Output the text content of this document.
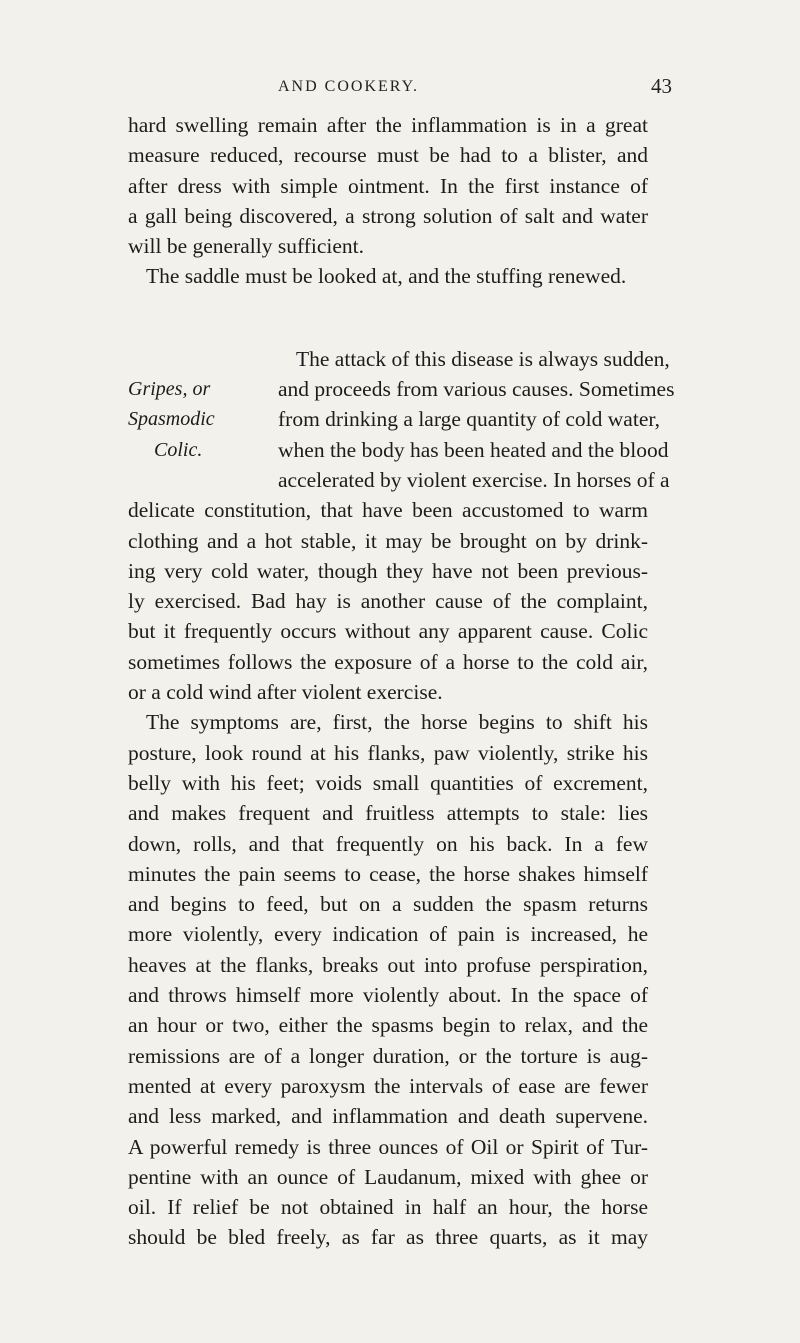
AND COOKERY.	43
hard swelling remain after the inflammation is in a great
measure reduced, recourse must be had to a blister, and
after dress with simple ointment. In the first instance of
a gall being discovered, a strong solution of salt and water
will be generally sufficient.
The saddle must be looked at, and the stuffing renewed.
Gripes, or
Spasmodic
Colic.
The attack of this disease is always sudden,
and proceeds from various causes. Sometimes
from drinking a large quantity of cold water,
when the body has been heated and the blood
accelerated by violent exercise. In horses of a
delicate constitution, that have been accustomed to warm
clothing and a hot stable, it may be brought on by drink-
ing very cold water, though they have not been previous-
ly exercised. Bad hay is another cause of the complaint,
but it frequently occurs without any apparent cause. Colic
sometimes follows the exposure of a horse to the cold air,
or a cold wind after violent exercise.
The symptoms are, first, the horse begins to shift his
posture, look round at his flanks, paw violently, strike his
belly with his feet; voids small quantities of excrement,
and makes frequent and fruitless attempts to stale: lies
down, rolls, and that frequently on his back. In a few
minutes the pain seems to cease, the horse shakes himself
and begins to feed, but on a sudden the spasm returns
more violently, every indication of pain is increased, he
heaves at the flanks, breaks out into profuse perspiration,
and throws himself more violently about. In the space of
an hour or two, either the spasms begin to relax, and the
remissions are of a longer duration, or the torture is aug-
mented at every paroxysm the intervals of ease are fewer
and less marked, and inflammation and death supervene.
A powerful remedy is three ounces of Oil or Spirit of Tur-
pentine with an ounce of Laudanum, mixed with ghee or
oil. If relief be not obtained in half an hour, the horse
should be bled freely, as far as three quarts, as it may
